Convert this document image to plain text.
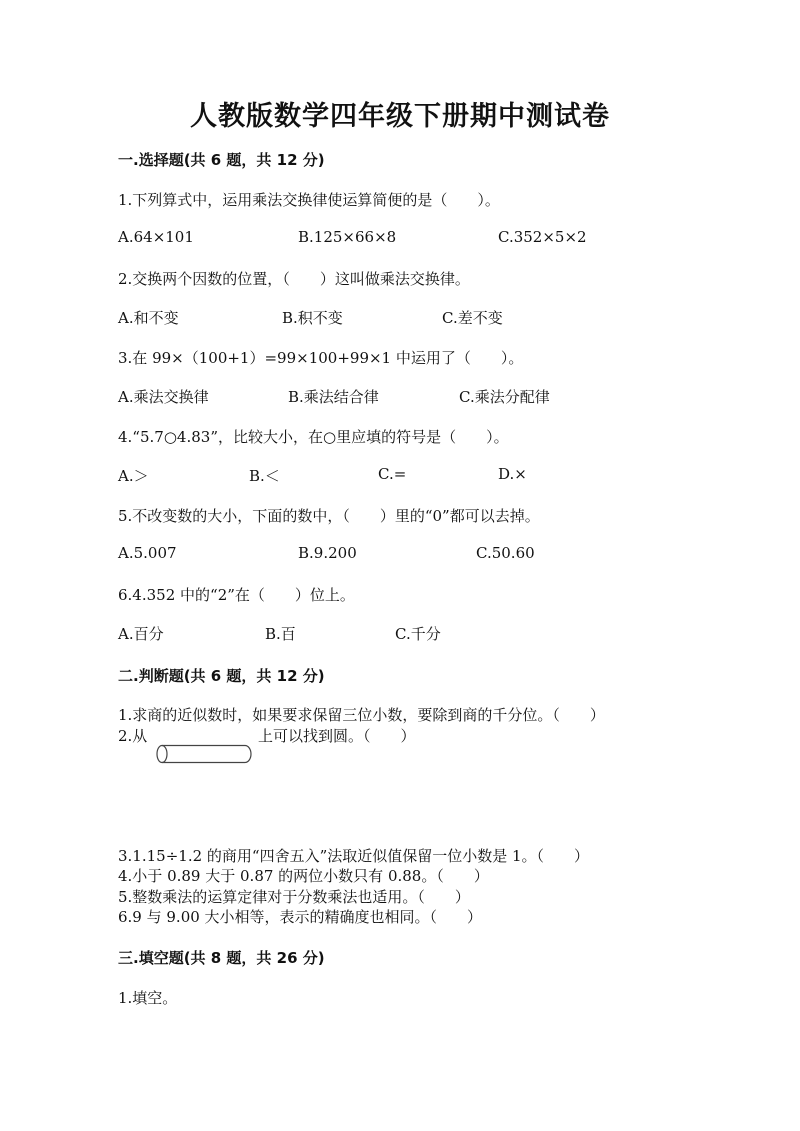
人教版数学四年级下册期中测试卷
一.选择题(共 6 题，共 12 分)
1.下列算式中，运用乘法交换律使运算简便的是（　　）。
A.64×101	B.125×66×8	C.352×5×2
2.交换两个因数的位置，（　　）这叫做乘法交换律。
A.和不变	B.积不变	C.差不变
3.在 99×（100+1）=99×100+99×1 中运用了（　　）。
A.乘法交换律	B.乘法结合律	C.乘法分配律
4.“5.7○4.83”，比较大小，在○里应填的符号是（　　）。
A.＞	B.＜	C.=	D.×
5.不改变数的大小，下面的数中，（　　）里的“0”都可以去掉。
A.5.007	B.9.200	C.50.60
6.4.352 中的“2”在（　　）位上。
A.百分	B.百	C.千分
二.判断题(共 6 题，共 12 分)
1.求商的近似数时，如果要求保留三位小数，要除到商的千分位。（　　）
2.从	上可以找到圆。（　　）
3.1.15÷1.2 的商用“四舍五入”法取近似值保留一位小数是 1。（　　）
4.小于 0.89 大于 0.87 的两位小数只有 0.88。（　　）
5.整数乘法的运算定律对于分数乘法也适用。（　　）
6.9 与 9.00 大小相等，表示的精确度也相同。（　　）
三.填空题(共 8 题，共 26 分)
1.填空。
